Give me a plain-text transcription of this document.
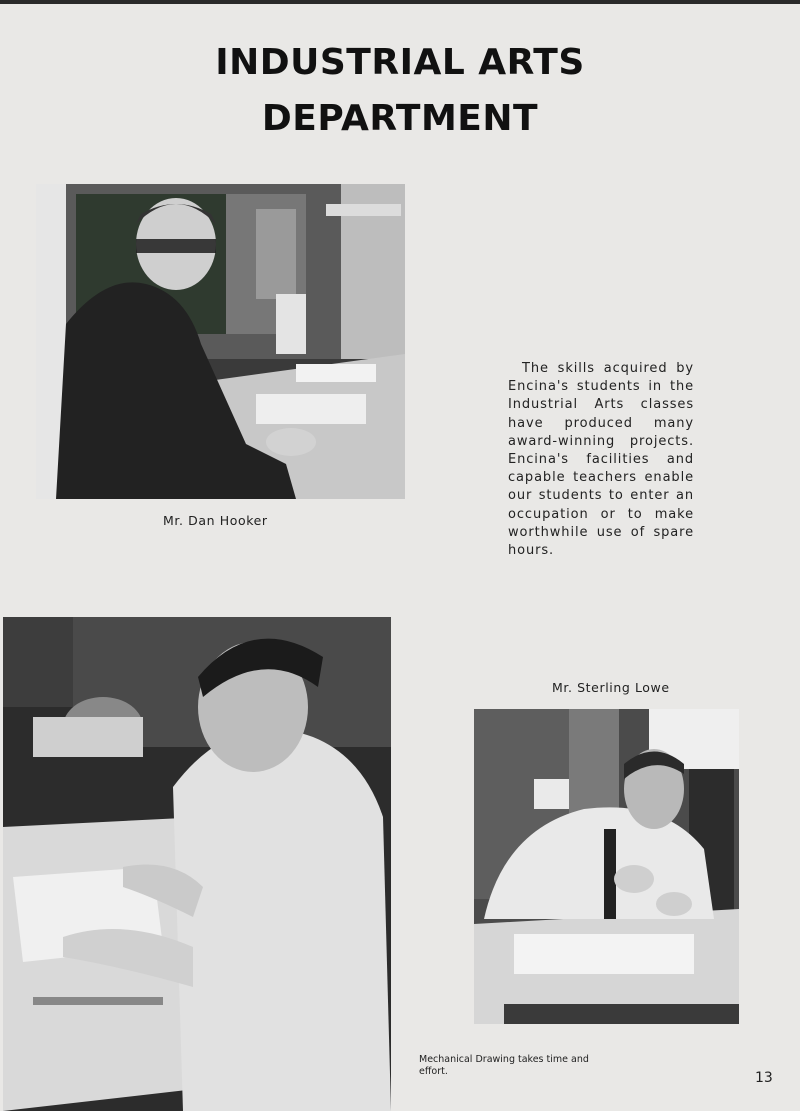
INDUSTRIAL ARTS
DEPARTMENT
Mr. Dan Hooker
The skills acquired by Encina's students in the Industrial Arts classes have produced many award-winning projects. Encina's facilities and capable teachers enable our students to enter an occupation or to make worthwhile use of spare hours.
Mr. Sterling Lowe
Mechanical Drawing takes time and effort.	13
